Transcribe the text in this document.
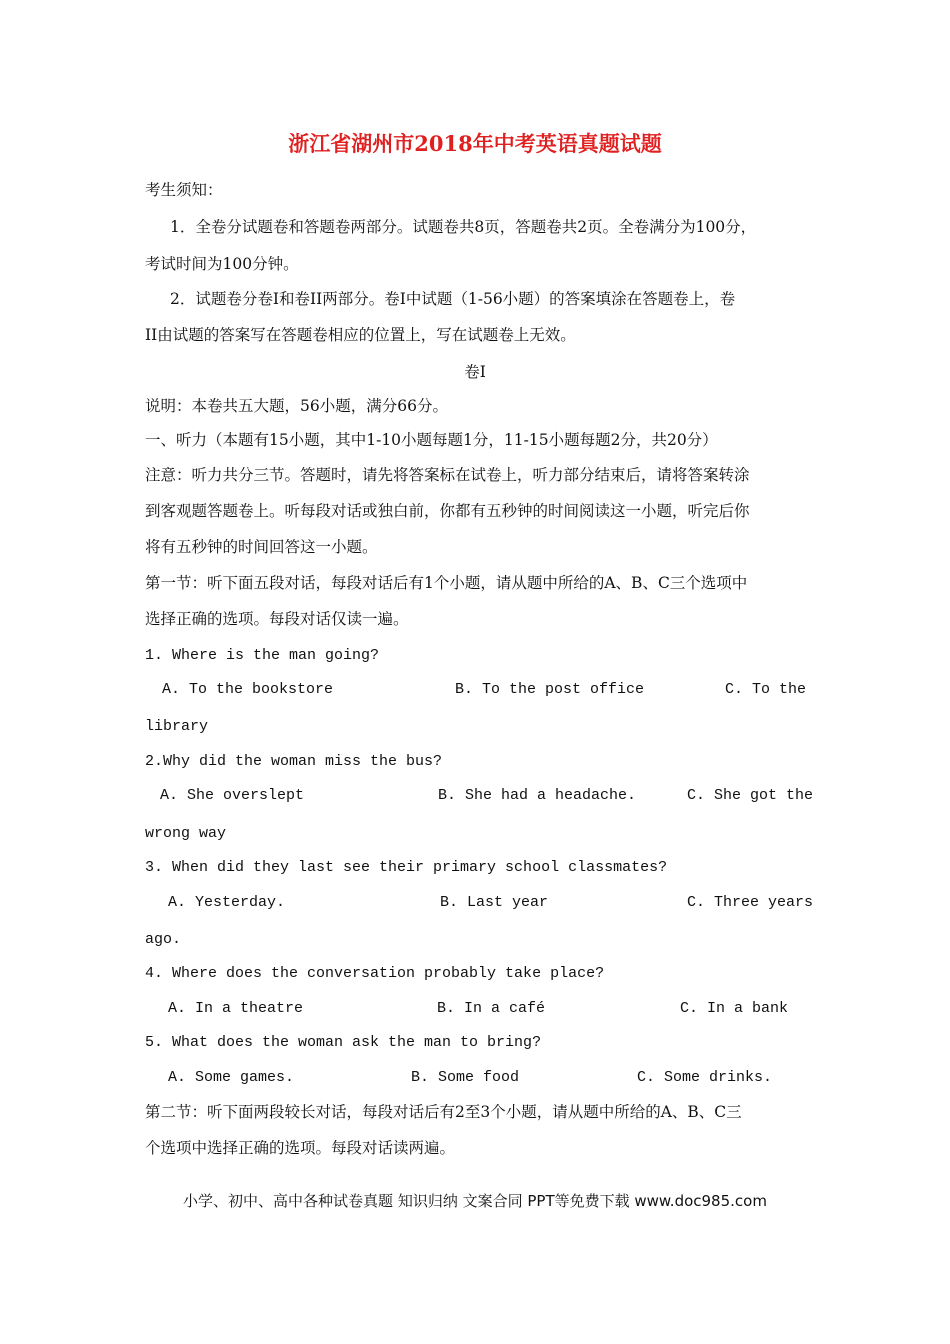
浙江省湖州市2018年中考英语真题试题
考生须知：
1．全卷分试题卷和答题卷两部分。试题卷共8页，答题卷共2页。全卷满分为100分，
考试时间为100分钟。
2．试题卷分卷I和卷II两部分。卷I中试题（1-56小题）的答案填涂在答题卷上，卷
II由试题的答案写在答题卷相应的位置上，写在试题卷上无效。
卷I
说明：本卷共五大题，56小题，满分66分。
一、听力（本题有15小题，其中1-10小题每题1分，11-15小题每题2分，共20分）
注意：听力共分三节。答题时，请先将答案标在试卷上，听力部分结束后，请将答案转涂
到客观题答题卷上。听每段对话或独白前，你都有五秒钟的时间阅读这一小题，听完后你
将有五秒钟的时间回答这一小题。
第一节：听下面五段对话，每段对话后有1个小题，请从题中所给的A、B、C三个选项中
选择正确的选项。每段对话仅读一遍。
1. Where is the man going?
A. To the bookstore	B. To the post office	C. To the
library
2.Why did the woman miss the bus?
A. She overslept	B. She had a headache.	C. She got the
wrong way
3. When did they last see their primary school classmates?
A. Yesterday.	B. Last year	C. Three years
ago.
4. Where does the conversation probably take place?
A. In a theatre	B. In a café	C. In a bank
5. What does the woman ask the man to bring?
A. Some games.	B. Some food	C. Some drinks.
第二节：听下面两段较长对话，每段对话后有2至3个小题，请从题中所给的A、B、C三
个选项中选择正确的选项。每段对话读两遍。
小学、初中、高中各种试卷真题 知识归纳 文案合同 PPT等免费下载 www.doc985.com
